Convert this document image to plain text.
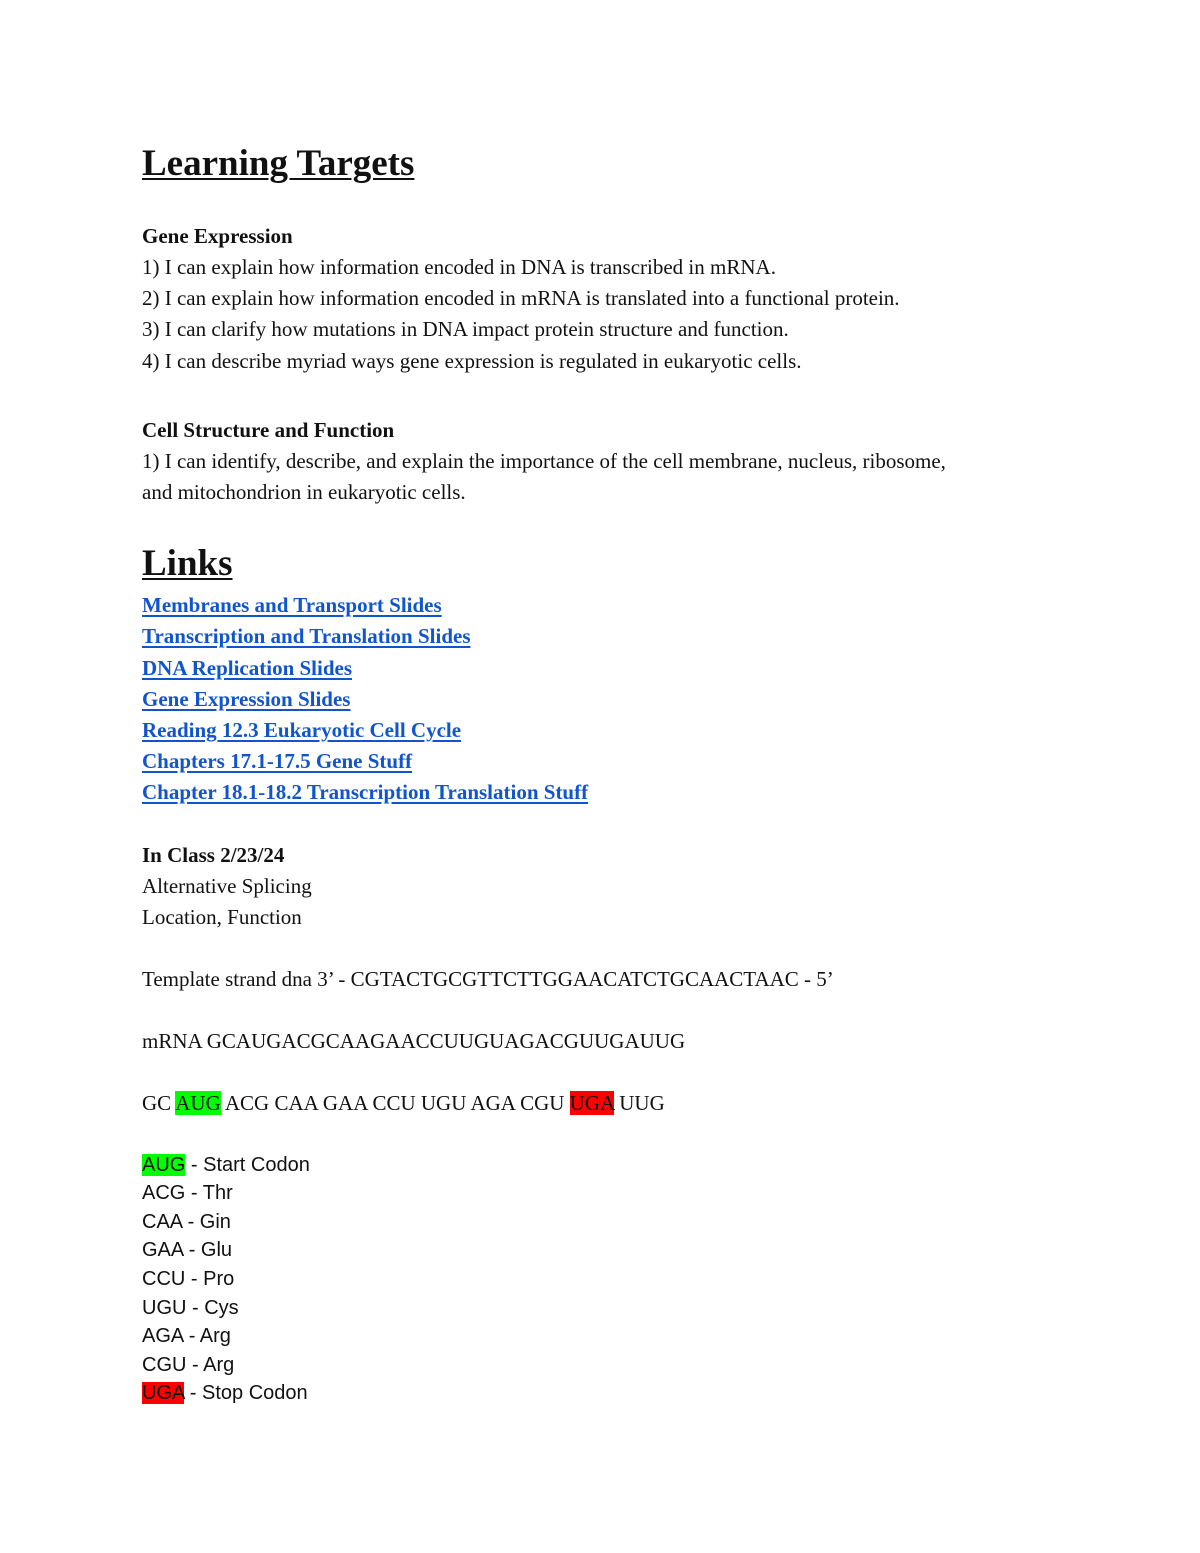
Learning Targets
Gene Expression
1) I can explain how information encoded in DNA is transcribed in mRNA.
2) I can explain how information encoded in mRNA is translated into a functional protein.
3) I can clarify how mutations in DNA impact protein structure and function.
4) I can describe myriad ways gene expression is regulated in eukaryotic cells.
Cell Structure and Function
1) I can identify, describe, and explain the importance of the cell membrane, nucleus, ribosome,
and mitochondrion in eukaryotic cells.
Links
Membranes and Transport Slides
Transcription and Translation Slides
DNA Replication Slides
Gene Expression Slides
Reading 12.3 Eukaryotic Cell Cycle
Chapters 17.1-17.5 Gene Stuff
Chapter 18.1-18.2 Transcription Translation Stuff
In Class 2/23/24
Alternative Splicing
Location, Function
Template strand dna 3’ - CGTACTGCGTTCTTGGAACATCTGCAACTAAC - 5’
mRNA GCAUGACGCAAGAACCUUGUAGACGUUGAUUG
GC AUG ACG CAA GAA CCU UGU AGA CGU UGA UUG
AUG - Start Codon
ACG - Thr
CAA - Gin
GAA - Glu
CCU - Pro
UGU - Cys
AGA - Arg
CGU - Arg
UGA - Stop Codon
